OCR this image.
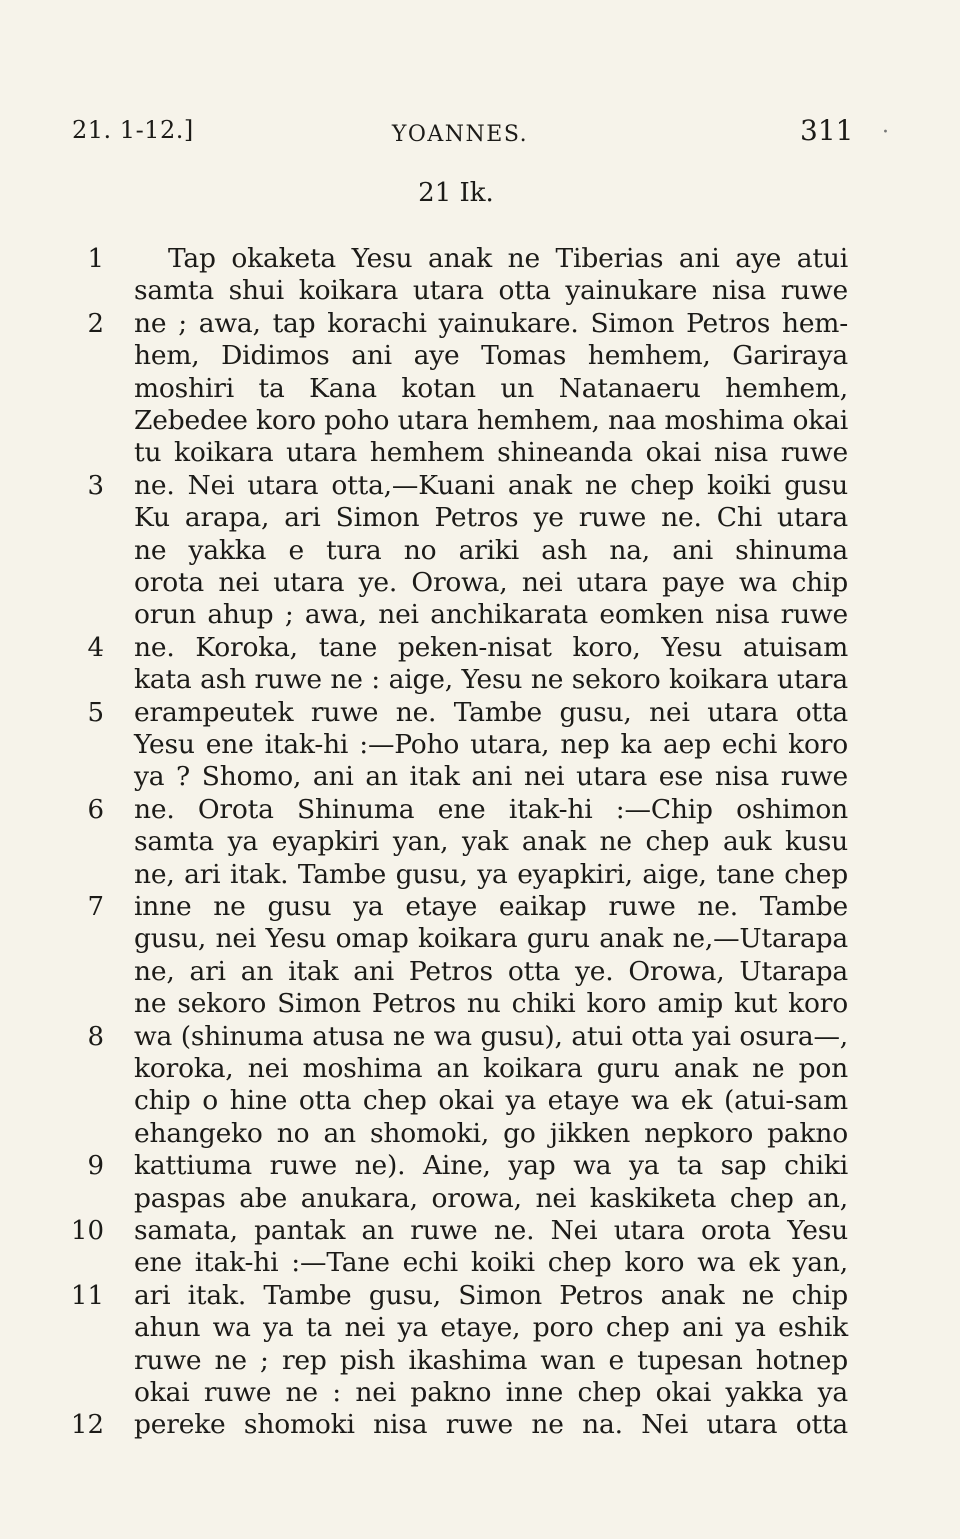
21. 1-12.]	YOANNES.	311 ·
21 Ik.
1 Tap okaketa Yesu anak ne Tiberias ani aye atui
samta shui koikara utara otta yainukare nisa ruwe
2 ne ; awa, tap korachi yainukare. Simon Petros hem-
hem, Didimos ani aye Tomas hemhem, Gariraya
moshiri ta Kana kotan un Natanaeru hemhem,
Zebedee koro poho utara hemhem, naa moshima okai
tu koikara utara hemhem shineanda okai nisa ruwe
3 ne. Nei utara otta,—Kuani anak ne chep koiki gusu
Ku arapa, ari Simon Petros ye ruwe ne. Chi utara
ne yakka e tura no ariki ash na, ani shinuma
orota nei utara ye. Orowa, nei utara paye wa chip
orun ahup ; awa, nei anchikarata eomken nisa ruwe
4 ne. Koroka, tane peken-nisat koro, Yesu atuisam
kata ash ruwe ne : aige, Yesu ne sekoro koikara utara
5 erampeutek ruwe ne. Tambe gusu, nei utara otta
Yesu ene itak-hi :—Poho utara, nep ka aep echi koro
ya ? Shomo, ani an itak ani nei utara ese nisa ruwe
6 ne. Orota Shinuma ene itak-hi :—Chip oshimon
samta ya eyapkiri yan, yak anak ne chep auk kusu
ne, ari itak. Tambe gusu, ya eyapkiri, aige, tane chep
7 inne ne gusu ya etaye eaikap ruwe ne. Tambe
gusu, nei Yesu omap koikara guru anak ne,—Utarapa
ne, ari an itak ani Petros otta ye. Orowa, Utarapa
ne sekoro Simon Petros nu chiki koro amip kut koro
8 wa (shinuma atusa ne wa gusu), atui otta yai osura—,
koroka, nei moshima an koikara guru anak ne pon
chip o hine otta chep okai ya etaye wa ek (atui-sam
ehangeko no an shomoki, go jikken nepkoro pakno
9 kattiuma ruwe ne). Aine, yap wa ya ta sap chiki
paspas abe anukara, orowa, nei kaskiketa chep an,
10 samata, pantak an ruwe ne. Nei utara orota Yesu
ene itak-hi :—Tane echi koiki chep koro wa ek yan,
11 ari itak. Tambe gusu, Simon Petros anak ne chip
ahun wa ya ta nei ya etaye, poro chep ani ya eshik
ruwe ne ; rep pish ikashima wan e tupesan hotnep
okai ruwe ne : nei pakno inne chep okai yakka ya
12 pereke shomoki nisa ruwe ne na. Nei utara otta
